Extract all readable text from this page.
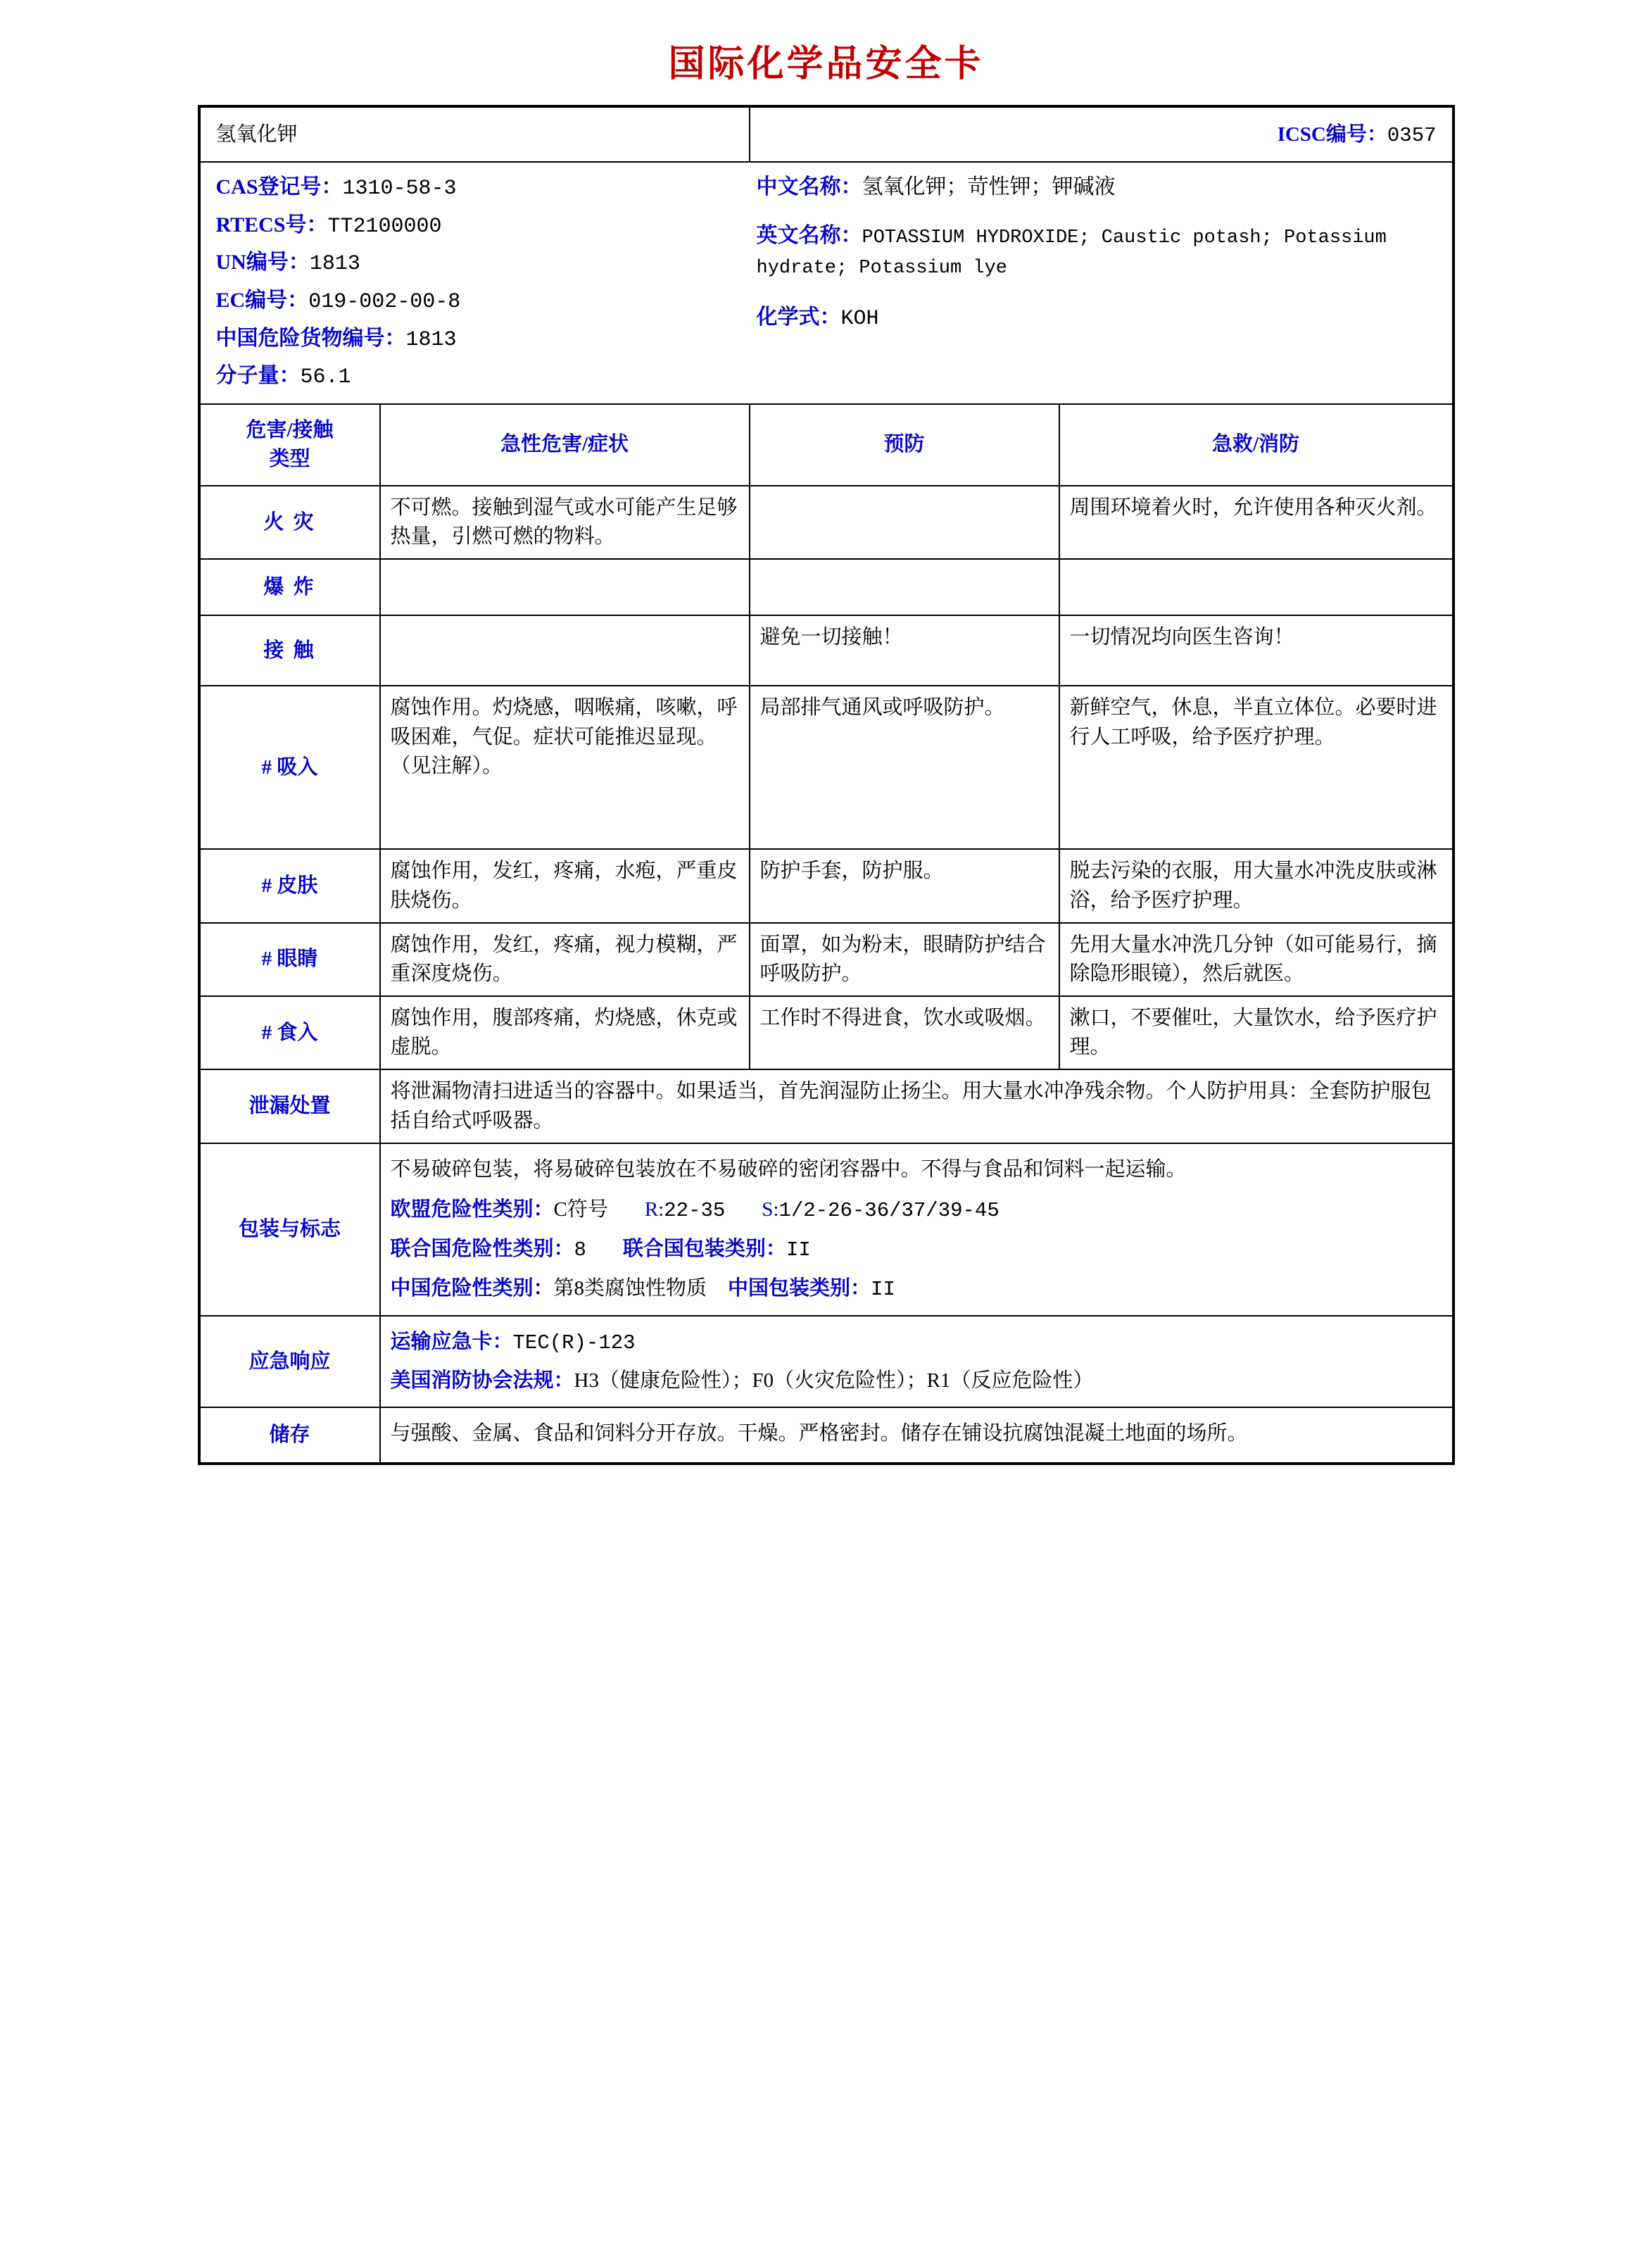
国际化学品安全卡
氢氧化钾		ICSC编号：0357	

CAS登记号：1310-58-3

RTECS号：TT2100000

UN编号：1813

EC编号：019-002-00-8

中国危险货物编号：1813

分子量：56.1

中文名称：氢氧化钾；苛性钾；钾碱液

英文名称：POTASSIUM HYDROXIDE; Caustic potash; Potassium hydrate; Potassium lye

化学式：KOH

危害/接触
类型	急性危害/症状	预防	急救/消防
火 灾	不可燃。接触到湿气或水可能产生足够热量，引燃可燃的物料。		周围环境着火时，允许使用各种灭火剂。
爆 炸			
接 触		避免一切接触！	一切情况均向医生咨询！
# 吸入	腐蚀作用。灼烧感，咽喉痛，咳嗽，呼吸困难，气促。症状可能推迟显现。（见注解）。	局部排气通风或呼吸防护。	新鲜空气，休息，半直立体位。必要时进行人工呼吸，给予医疗护理。
# 皮肤	腐蚀作用，发红，疼痛，水疱，严重皮肤烧伤。	防护手套，防护服。	脱去污染的衣服，用大量水冲洗皮肤或淋浴，给予医疗护理。
# 眼睛	腐蚀作用，发红，疼痛，视力模糊，严重深度烧伤。	面罩，如为粉末，眼睛防护结合呼吸防护。	先用大量水冲洗几分钟（如可能易行，摘除隐形眼镜），然后就医。
# 食入	腐蚀作用，腹部疼痛，灼烧感，休克或虚脱。	工作时不得进食，饮水或吸烟。	漱口，不要催吐，大量饮水，给予医疗护理。
泄漏处置	将泄漏物清扫进适当的容器中。如果适当，首先润湿防止扬尘。用大量水冲净残余物。个人防护用具：全套防护服包括自给式呼吸器。		
包装与标志	不易破碎包装，将易破碎包装放在不易破碎的密闭容器中。不得与食品和饲料一起运输。

欧盟危险性类别：C符号 R:22-35 S:1/2-26-36/37/39-45

联合国危险性类别：8 联合国包装类别：II

中国危险性类别：第8类腐蚀性物质 中国包装类别：II		

应急响应	运输应急卡：TEC(R)-123

美国消防协会法规：H3（健康危险性）；F0（火灾危险性）；R1（反应危险性）		

储存	与强酸、金属、食品和饲料分开存放。干燥。严格密封。储存在铺设抗腐蚀混凝土地面的场所。		
